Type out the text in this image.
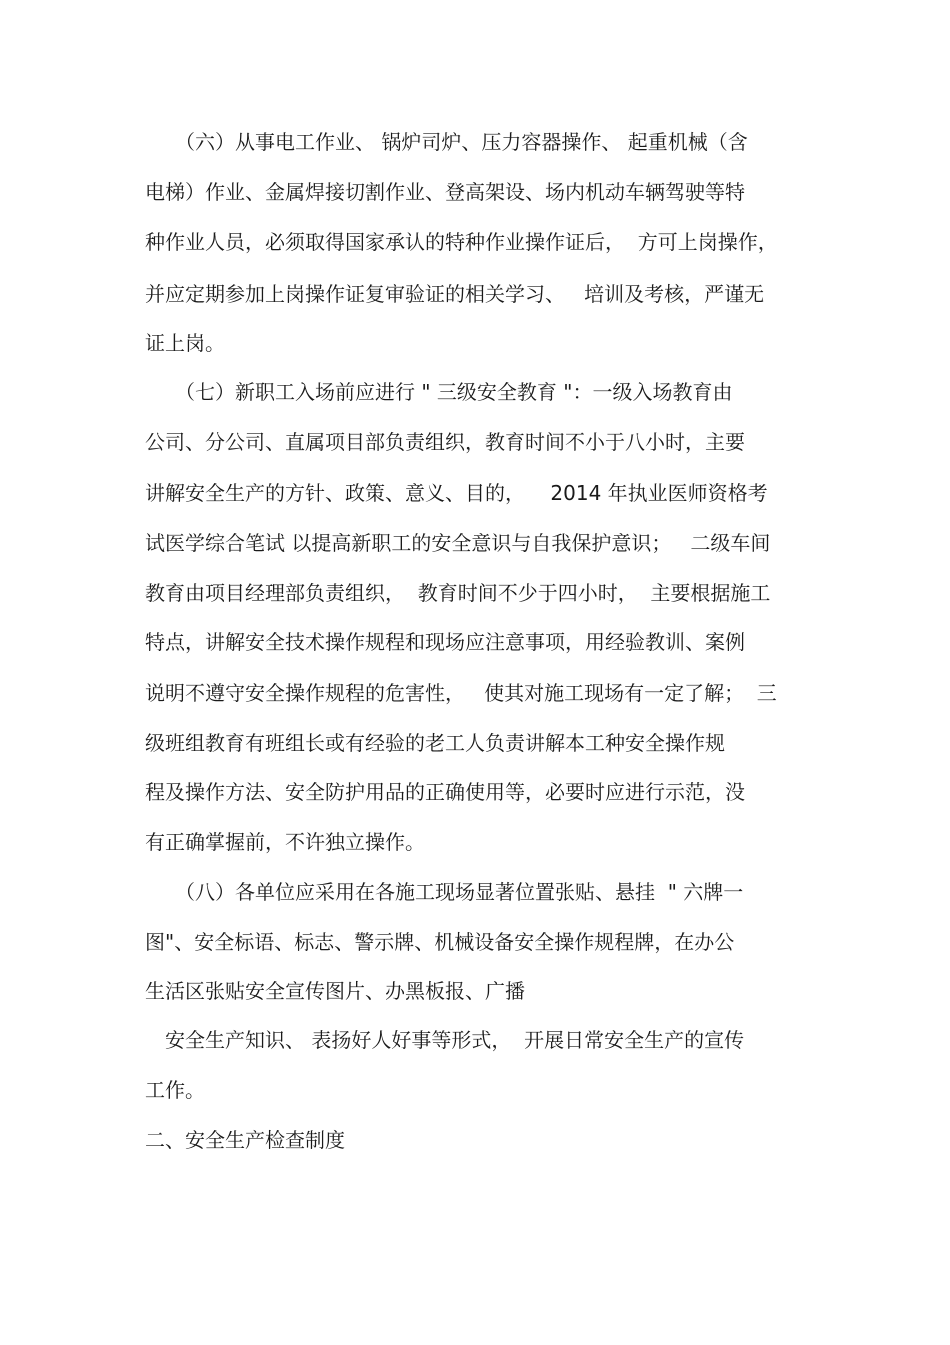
　　（六）从事电工作业、 锅炉司炉、压力容器操作、 起重机械（含

电梯）作业、金属焊接切割作业、登高架设、场内机动车辆驾驶等特

种作业人员，必须取得国家承认的特种作业操作证后，  方可上岗操作，

并应定期参加上岗操作证复审验证的相关学习、   培训及考核，严谨无

证上岗。

　　（七）新职工入场前应进行 " 三级安全教育 "：一级入场教育由

公司、分公司、直属项目部负责组织，教育时间不小于八小时，主要

讲解安全生产的方针、政策、意义、目的，    2014 年执业医师资格考

试医学综合笔试 以提高新职工的安全意识与自我保护意识；   二级车间

教育由项目经理部负责组织，  教育时间不少于四小时，  主要根据施工

特点，讲解安全技术操作规程和现场应注意事项，用经验教训、案例

说明不遵守安全操作规程的危害性，   使其对施工现场有一定了解；  三

级班组教育有班组长或有经验的老工人负责讲解本工种安全操作规

程及操作方法、安全防护用品的正确使用等，必要时应进行示范，没

有正确掌握前，不许独立操作。

　　（八）各单位应采用在各施工现场显著位置张贴、悬挂  " 六牌一

图"、安全标语、标志、警示牌、机械设备安全操作规程牌，在办公

生活区张贴安全宣传图片、办黑板报、广播

　安全生产知识、 表扬好人好事等形式，  开展日常安全生产的宣传

工作。

二、安全生产检查制度
